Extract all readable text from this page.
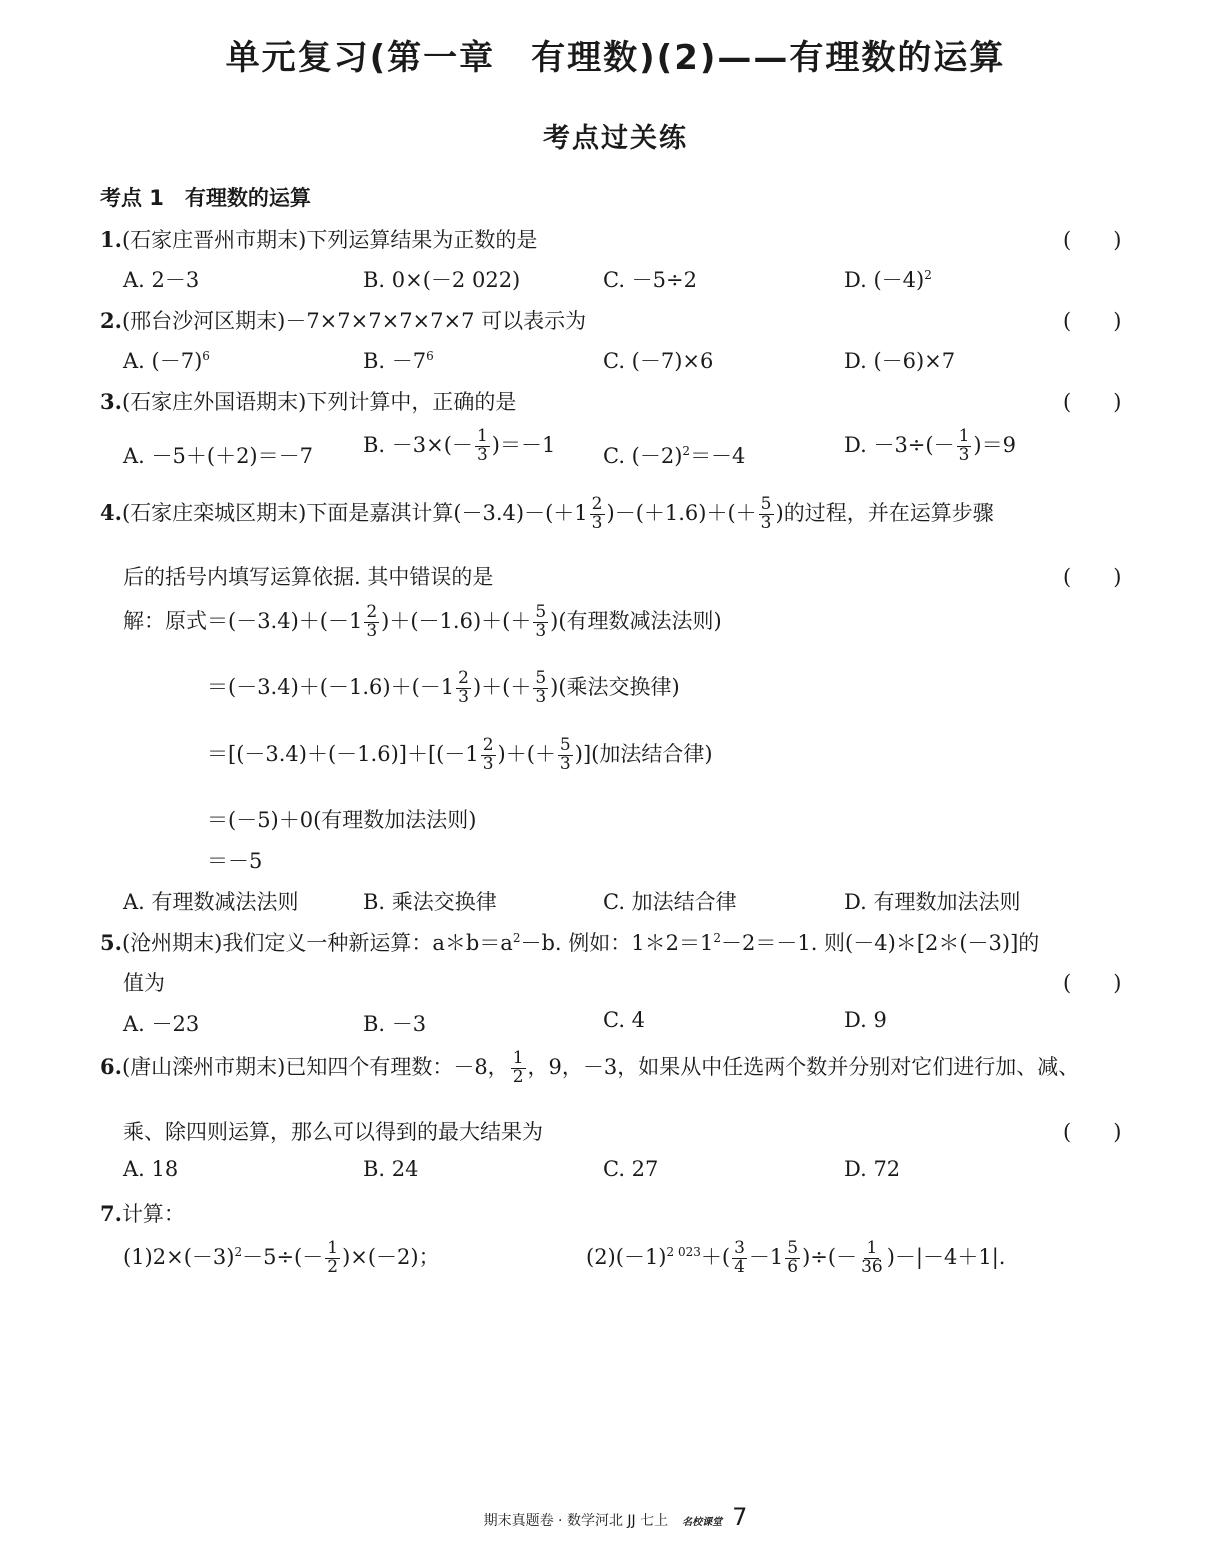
单元复习(第一章　有理数)(2)——有理数的运算
考点过关练
考点 1　有理数的运算
1.(石家庄晋州市期末)下列运算结果为正数的是	(　　)
A. 2－3	B. 0×(－2 022)	C. －5÷2	D. $(-4)^2$
2.(邢台沙河区期末)－7×7×7×7×7×7 可以表示为	(　　)
A. $(-7)^6$	B. $-7^6$	C. (－7)×6	D. (－6)×7
3.(石家庄外国语期末)下列计算中，正确的是	(　　)
A. －5＋(＋2)＝－7 B. $-3\times(- \frac{1}{3} )=-1$ C. $(-2)^2=-4$	D. $-3\div(- \frac{1}{3} )=9$
4.(石家庄栾城区期末)下面是嘉淇计算$(-3.4)-(+1 \frac{2}{3} )-(+1.6)+(+ \frac{5}{3}$ )的过程，并在运算步骤
后的括号内填写运算依据. 其中错误的是	(　　)
解：原式$=(-3.4)+(-1 \frac{2}{3} )+(-1.6)+(+ \frac{5}{3}$ )(有理数减法法则)
$=(-3.4)+(-1.6)+(-1 \frac{2}{3}$ )＋(＋ $\frac{5}{3}$ )(乘法交换律)
$=[(-3.4)+(-1.6)]+[(-1 \frac{2}{3}$ )＋(＋ $\frac{5}{3}$ )](加法结合律)
＝(－5)＋0(有理数加法法则)
＝－5
A. 有理数减法法则	B. 乘法交换律	C. 加法结合律	D. 有理数加法法则
5.(沧州期末)我们定义一种新运算：$a*b=a^2-b$. 例如：$1*2=1^2-2=-1$. 则(－4)＊[2＊(－3)]的
值为	(　　)
A. －23	B. －3	C. 4	D. 9
6.(唐山滦州市期末)已知四个有理数：－8， $\frac{1}{2}$ ，9，－3，如果从中任选两个数并分别对它们进行加、减、
乘、除四则运算，那么可以得到的最大结果为	(　　)
A. 18	B. 24	C. 27	D. 72
7.计算：
$(1)2\times(-3)^2-5\div(- \frac{1}{2} )\times(-2)$；	$(2)(-1)^{2 023}+( \frac{3}{4} -1 \frac{5}{6}$ )÷(－ $\frac{1}{36} )-|-4+1|$.
期末真题卷 · 数学河北 JJ 七上 名校课堂 7
